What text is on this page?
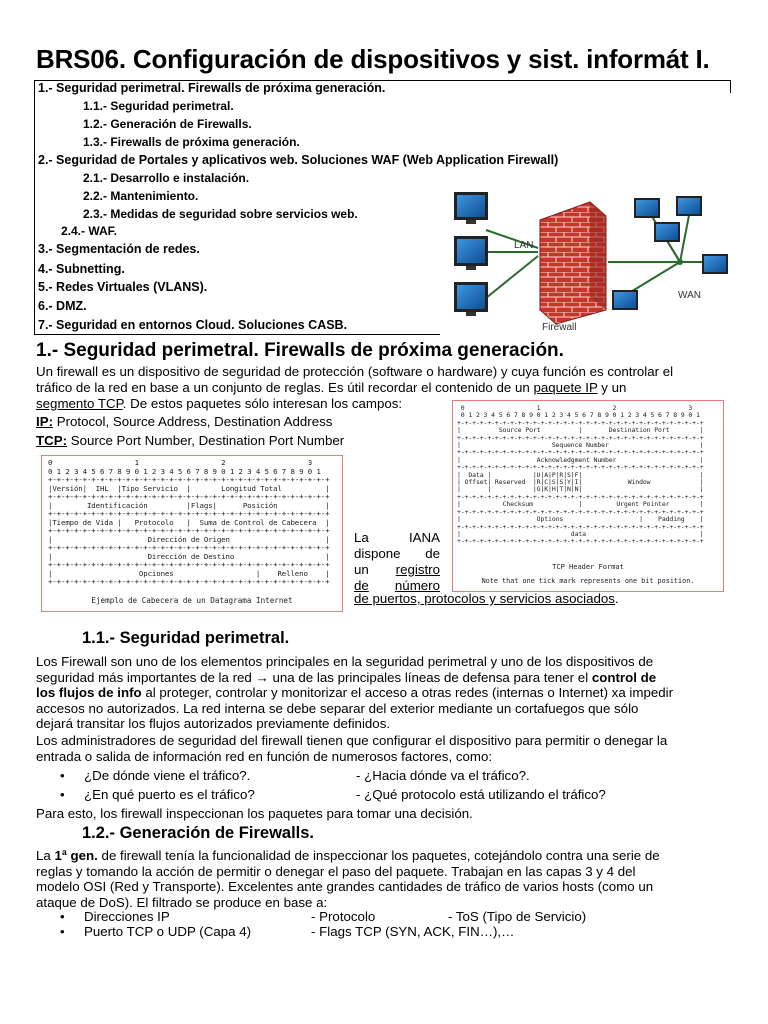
BRS06. Configuración de dispositivos y sist. informát I.
1.- Seguridad perimetral. Firewalls de próxima generación.
1.1.- Seguridad perimetral.
1.2.- Generación de Firewalls.
1.3.- Firewalls de próxima generación.
2.- Seguridad de Portales y aplicativos web. Soluciones WAF (Web Application Firewall)
2.1.- Desarrollo e instalación.
2.2.- Mantenimiento.
2.3.- Medidas de seguridad sobre servicios web.
2.4.- WAF.
3.- Segmentación de redes.
4.- Subnetting.
5.- Redes Virtuales (VLANS).
6.- DMZ.
7.- Seguridad en entornos Cloud. Soluciones CASB.
LAN
WAN
Firewall
1.- Seguridad perimetral. Firewalls de próxima generación.
Un firewall es un dispositivo de seguridad de protección (software o hardware) y cuya función es controlar el
tráfico de la red en base a un conjunto de reglas. Es útil recordar el contenido de un paquete IP y un
segmento TCP. De estos paquetes sólo interesan los campos:
IP: Protocol, Source Address, Destination Address
TCP: Source Port Number, Destination Port Number
0                   1                   2                   3
0 1 2 3 4 5 6 7 8 9 0 1 2 3 4 5 6 7 8 9 0 1 2 3 4 5 6 7 8 9 0 1
+-+-+-+-+-+-+-+-+-+-+-+-+-+-+-+-+-+-+-+-+-+-+-+-+-+-+-+-+-+-+-+-+
|Versión|  IHL  |Tipo Servicio  |       Longitud Total          |
+-+-+-+-+-+-+-+-+-+-+-+-+-+-+-+-+-+-+-+-+-+-+-+-+-+-+-+-+-+-+-+-+
|        Identificación         |Flags|      Posición           |
+-+-+-+-+-+-+-+-+-+-+-+-+-+-+-+-+-+-+-+-+-+-+-+-+-+-+-+-+-+-+-+-+
|Tiempo de Vida |   Protocolo   |  Suma de Control de Cabecera  |
+-+-+-+-+-+-+-+-+-+-+-+-+-+-+-+-+-+-+-+-+-+-+-+-+-+-+-+-+-+-+-+-+
|                      Dirección de Origen                      |
+-+-+-+-+-+-+-+-+-+-+-+-+-+-+-+-+-+-+-+-+-+-+-+-+-+-+-+-+-+-+-+-+
|                      Dirección de Destino                     |
+-+-+-+-+-+-+-+-+-+-+-+-+-+-+-+-+-+-+-+-+-+-+-+-+-+-+-+-+-+-+-+-+
|                    Opciones                   |    Relleno    |
+-+-+-+-+-+-+-+-+-+-+-+-+-+-+-+-+-+-+-+-+-+-+-+-+-+-+-+-+-+-+-+-+
Ejemplo de Cabecera de un Datagrama Internet
0                   1                   2                   3
0 1 2 3 4 5 6 7 8 9 0 1 2 3 4 5 6 7 8 9 0 1 2 3 4 5 6 7 8 9 0 1
+-+-+-+-+-+-+-+-+-+-+-+-+-+-+-+-+-+-+-+-+-+-+-+-+-+-+-+-+-+-+-+-+
|          Source Port          |       Destination Port        |
+-+-+-+-+-+-+-+-+-+-+-+-+-+-+-+-+-+-+-+-+-+-+-+-+-+-+-+-+-+-+-+-+
|                        Sequence Number                        |
+-+-+-+-+-+-+-+-+-+-+-+-+-+-+-+-+-+-+-+-+-+-+-+-+-+-+-+-+-+-+-+-+
|                    Acknowledgment Number                      |
+-+-+-+-+-+-+-+-+-+-+-+-+-+-+-+-+-+-+-+-+-+-+-+-+-+-+-+-+-+-+-+-+
|  Data |           |U|A|P|R|S|F|                               |
| Offset| Reserved  |R|C|S|S|Y|I|            Window             |
|       |           |G|K|H|T|N|N|                               |
+-+-+-+-+-+-+-+-+-+-+-+-+-+-+-+-+-+-+-+-+-+-+-+-+-+-+-+-+-+-+-+-+
|           Checksum            |         Urgent Pointer        |
+-+-+-+-+-+-+-+-+-+-+-+-+-+-+-+-+-+-+-+-+-+-+-+-+-+-+-+-+-+-+-+-+
|                    Options                    |    Padding    |
+-+-+-+-+-+-+-+-+-+-+-+-+-+-+-+-+-+-+-+-+-+-+-+-+-+-+-+-+-+-+-+-+
|                             data                              |
+-+-+-+-+-+-+-+-+-+-+-+-+-+-+-+-+-+-+-+-+-+-+-+-+-+-+-+-+-+-+-+-+
TCP Header Format
Note that one tick mark represents one bit position.
La	IANA
dispone de
un registro
de número
de puertos, protocolos y servicios asociados.
1.1.- Seguridad perimetral.
Los Firewall son uno de los elementos principales en la seguridad perimetral y uno de los dispositivos de
seguridad más importantes de la red → una de las principales líneas de defensa para tener el control de
los flujos de info al proteger, controlar y monitorizar el acceso a otras redes (internas o Internet) xa impedir
accesos no autorizados. La red interna se debe separar del exterior mediante un cortafuegos que sólo
dejará transitar los flujos autorizados previamente definidos.
Los administradores de seguridad del firewall tienen que configurar el dispositivo para permitir o denegar la
entrada o salida de información red en función de numerosos factores, como:
• ¿De dónde viene el tráfico?.	- ¿Hacia dónde va el tráfico?.
• ¿En qué puerto es el tráfico?	- ¿Qué protocolo está utilizando el tráfico?
Para esto, los firewall inspeccionan los paquetes para tomar una decisión.
1.2.- Generación de Firewalls.
La 1ª gen. de firewall tenía la funcionalidad de inspeccionar los paquetes, cotejándolo contra una serie de
reglas y tomando la acción de permitir o denegar el paso del paquete. Trabajan en las capas 3 y 4 del
modelo OSI (Red y Transporte). Excelentes ante grandes cantidades de tráfico de varios hosts (como un
ataque de DoS). El filtrado se produce en base a:
• Direcciones IP	- Protocolo	- ToS (Tipo de Servicio)
• Puerto TCP o UDP (Capa 4)	- Flags TCP (SYN, ACK, FIN…),…
